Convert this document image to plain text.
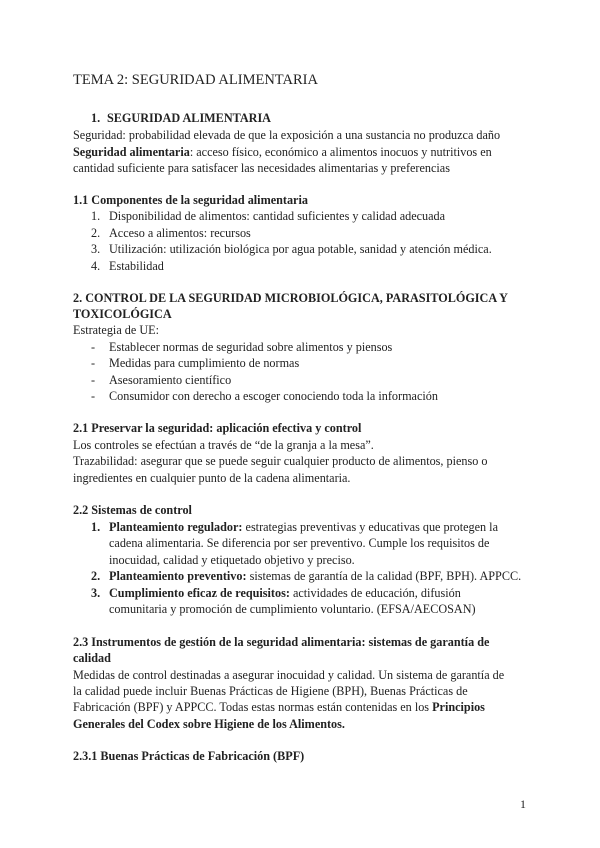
TEMA 2: SEGURIDAD ALIMENTARIA
1. SEGURIDAD ALIMENTARIA
Seguridad: probabilidad elevada de que la exposición a una sustancia no produzca daño
Seguridad alimentaria: acceso físico, económico a alimentos inocuos y nutritivos en
cantidad suficiente para satisfacer las necesidades alimentarias y preferencias
1.1 Componentes de la seguridad alimentaria
1. Disponibilidad de alimentos: cantidad suficientes y calidad adecuada
2. Acceso a alimentos: recursos
3. Utilización: utilización biológica por agua potable, sanidad y atención médica.
4. Estabilidad
2. CONTROL DE LA SEGURIDAD MICROBIOLÓGICA, PARASITOLÓGICA Y
TOXICOLÓGICA
Estrategia de UE:
- Establecer normas de seguridad sobre alimentos y piensos
- Medidas para cumplimiento de normas
- Asesoramiento científico
- Consumidor con derecho a escoger conociendo toda la información
2.1 Preservar la seguridad: aplicación efectiva y control
Los controles se efectúan a través de “de la granja a la mesa”.
Trazabilidad: asegurar que se puede seguir cualquier producto de alimentos, pienso o
ingredientes en cualquier punto de la cadena alimentaria.
2.2 Sistemas de control
1. Planteamiento regulador: estrategias preventivas y educativas que protegen la
cadena alimentaria. Se diferencia por ser preventivo. Cumple los requisitos de
inocuidad, calidad y etiquetado objetivo y preciso.
2. Planteamiento preventivo: sistemas de garantía de la calidad (BPF, BPH). APPCC.
3. Cumplimiento eficaz de requisitos: actividades de educación, difusión
comunitaria y promoción de cumplimiento voluntario. (EFSA/AECOSAN)
2.3 Instrumentos de gestión de la seguridad alimentaria: sistemas de garantía de
calidad
Medidas de control destinadas a asegurar inocuidad y calidad. Un sistema de garantía de
la calidad puede incluir Buenas Prácticas de Higiene (BPH), Buenas Prácticas de
Fabricación (BPF) y APPCC. Todas estas normas están contenidas en los Principios
Generales del Codex sobre Higiene de los Alimentos.
2.3.1 Buenas Prácticas de Fabricación (BPF)
1
